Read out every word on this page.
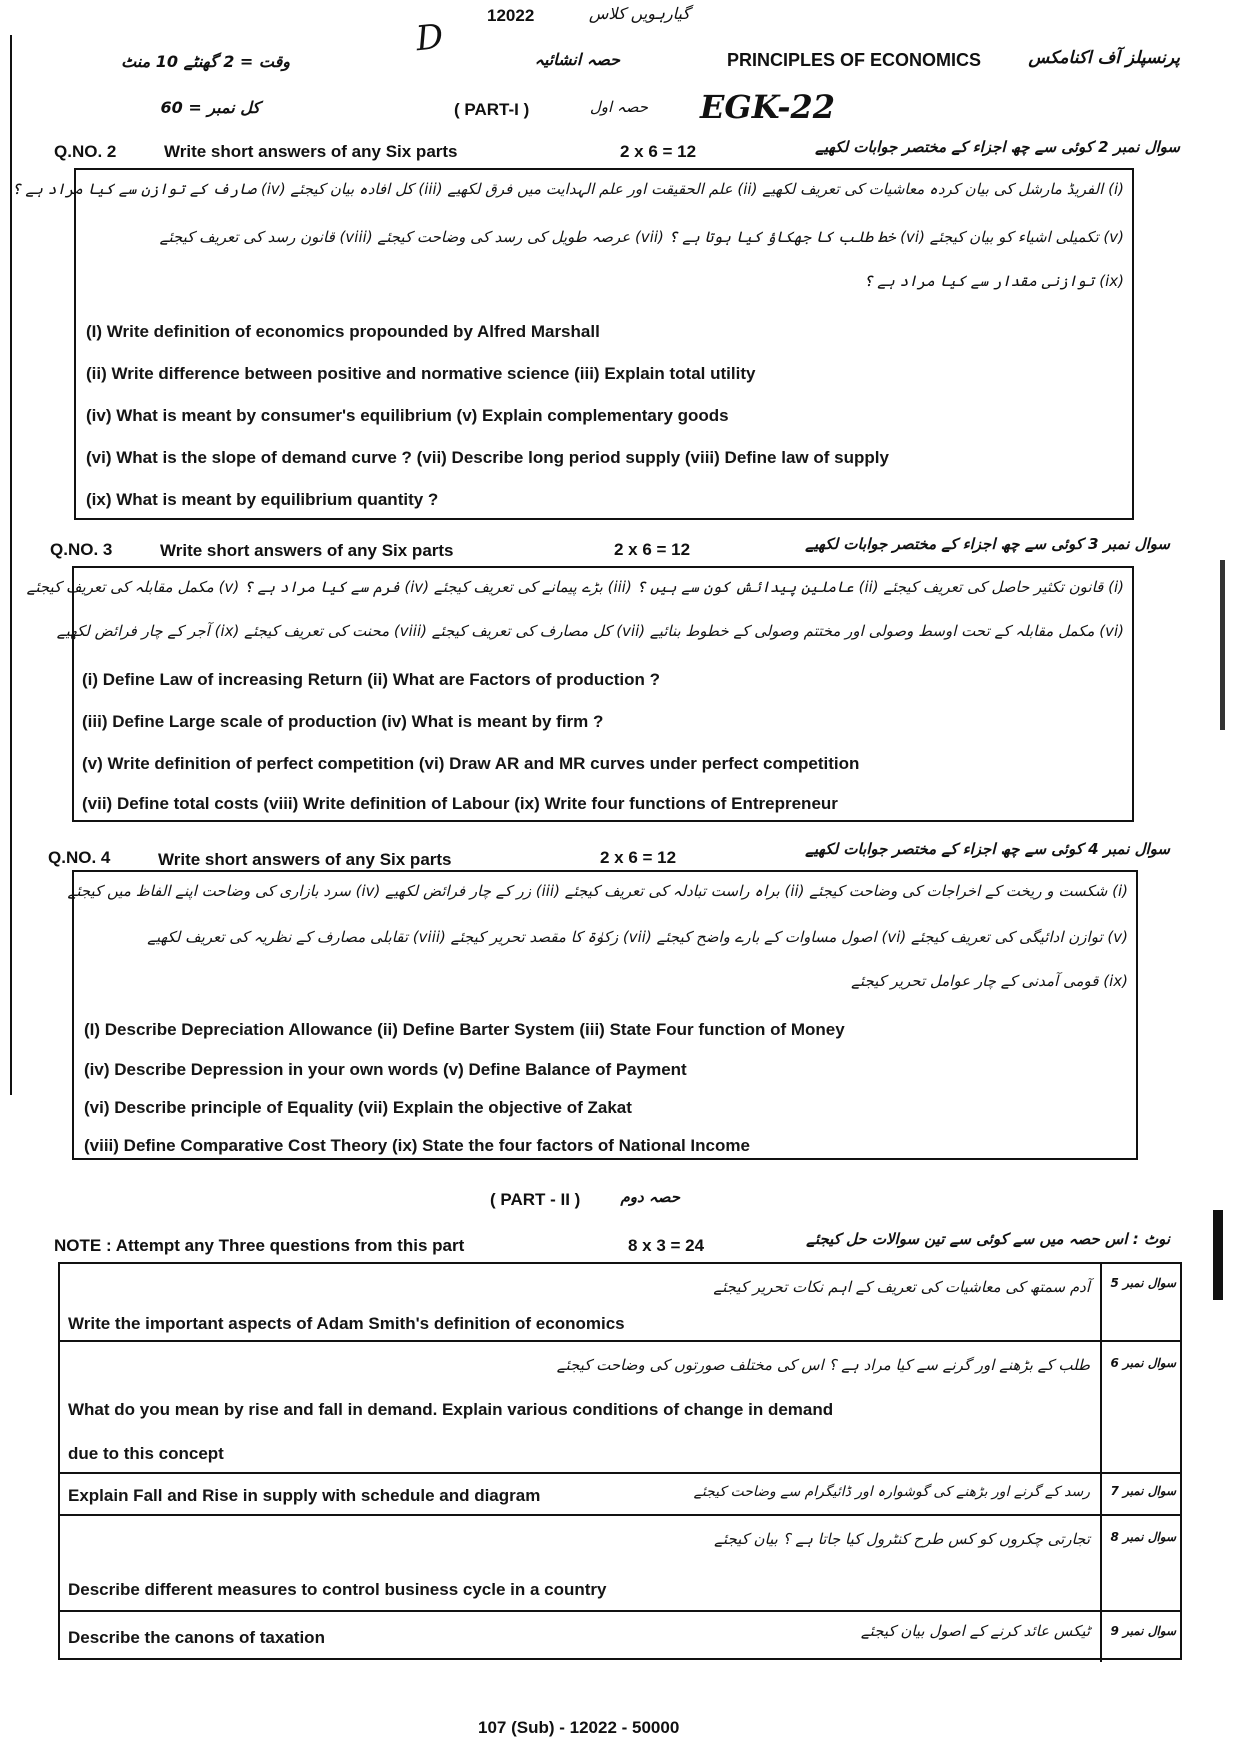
گیارہویں کلاس
12022
D
وقت = 2 گھنٹے 10 منٹ	حصہ انشائیہ	PRINCIPLES OF ECONOMICS	پرنسپلز آف اکنامکس
کل نمبر = 60	( PART-I )	حصہ اول EGK-22
Q.NO. 2	Write short answers of any Six parts	2 x 6 = 12	سوال نمبر 2 کوئی سے چھ اجزاء کے مختصر جوابات لکھیے
(i) الفریڈ مارشل کی بیان کردہ معاشیات کی تعریف لکھیے (ii) علم الحقیقت اور علم الہدایت میں فرق لکھیے (iii) کل افادہ بیان کیجئے (iv) صارف کے توازن سے کیا مراد ہے ؟
(v) تکمیلی اشیاء کو بیان کیجئے (vi) خط طلب کا جھکاؤ کیا ہوتا ہے ؟ (vii) عرصہ طویل کی رسد کی وضاحت کیجئے (viii) قانون رسد کی تعریف کیجئے
(ix) توازنی مقدار سے کیا مراد ہے ؟
(I) Write definition of economics propounded by Alfred Marshall
(ii) Write difference between positive and normative science (iii) Explain total utility
(iv) What is meant by consumer's equilibrium (v) Explain complementary goods
(vi) What is the slope of demand curve ? (vii) Describe long period supply (viii) Define law of supply
(ix) What is meant by equilibrium quantity ?
Q.NO. 3	Write short answers of any Six parts	2 x 6 = 12	سوال نمبر 3 کوئی سے چھ اجزاء کے مختصر جوابات لکھیے
(i) قانون تکثیر حاصل کی تعریف کیجئے (ii) عاملین پیدائش کون سے ہیں ؟ (iii) بڑے پیمانے کی تعریف کیجئے (iv) فرم سے کیا مراد ہے ؟ (v) مکمل مقابلہ کی تعریف کیجئے
(vi) مکمل مقابلہ کے تحت اوسط وصولی اور مختتم وصولی کے خطوط بنائیے (vii) کل مصارف کی تعریف کیجئے (viii) محنت کی تعریف کیجئے (ix) آجر کے چار فرائض لکھیے
(i) Define Law of increasing Return (ii) What are Factors of production ?
(iii) Define Large scale of production (iv) What is meant by firm ?
(v) Write definition of perfect competition (vi) Draw AR and MR curves under perfect competition
(vii) Define total costs (viii) Write definition of Labour (ix) Write four functions of Entrepreneur
Q.NO. 4	Write short answers of any Six parts	2 x 6 = 12	سوال نمبر 4 کوئی سے چھ اجزاء کے مختصر جوابات لکھیے
(i) شکست و ریخت کے اخراجات کی وضاحت کیجئے (ii) براہ راست تبادلہ کی تعریف کیجئے (iii) زر کے چار فرائض لکھیے (iv) سرد بازاری کی وضاحت اپنے الفاظ میں کیجئے
(v) توازن ادائیگی کی تعریف کیجئے (vi) اصول مساوات کے بارے واضح کیجئے (vii) زکوٰۃ کا مقصد تحریر کیجئے (viii) تقابلی مصارف کے نظریہ کی تعریف لکھیے
(ix) قومی آمدنی کے چار عوامل تحریر کیجئے
(I) Describe Depreciation Allowance (ii) Define Barter System (iii) State Four function of Money
(iv) Describe Depression in your own words (v) Define Balance of Payment
(vi) Describe principle of Equality (vii) Explain the objective of Zakat
(viii) Define Comparative Cost Theory (ix) State the four factors of National Income
( PART - II )	حصہ دوم
NOTE : Attempt any Three questions from this part	8 x 3 = 24	نوٹ : اس حصہ میں سے کوئی سے تین سوالات حل کیجئے
سوال نمبر 5
آدم سمتھ کی معاشیات کی تعریف کے اہم نکات تحریر کیجئے
Write the important aspects of Adam Smith's definition of economics
سوال نمبر 6
طلب کے بڑھنے اور گرنے سے کیا مراد ہے ؟ اس کی مختلف صورتوں کی وضاحت کیجئے
What do you mean by rise and fall in demand. Explain various conditions of change in demand
due to this concept
سوال نمبر 7
رسد کے گرنے اور بڑھنے کی گوشوارہ اور ڈائیگرام سے وضاحت کیجئے
Explain Fall and Rise in supply with schedule and diagram
سوال نمبر 8
تجارتی چکروں کو کس طرح کنٹرول کیا جاتا ہے ؟ بیان کیجئے
Describe different measures to control business cycle in a country
سوال نمبر 9
ٹیکس عائد کرنے کے اصول بیان کیجئے
Describe the canons of taxation
107 (Sub) - 12022 - 50000
